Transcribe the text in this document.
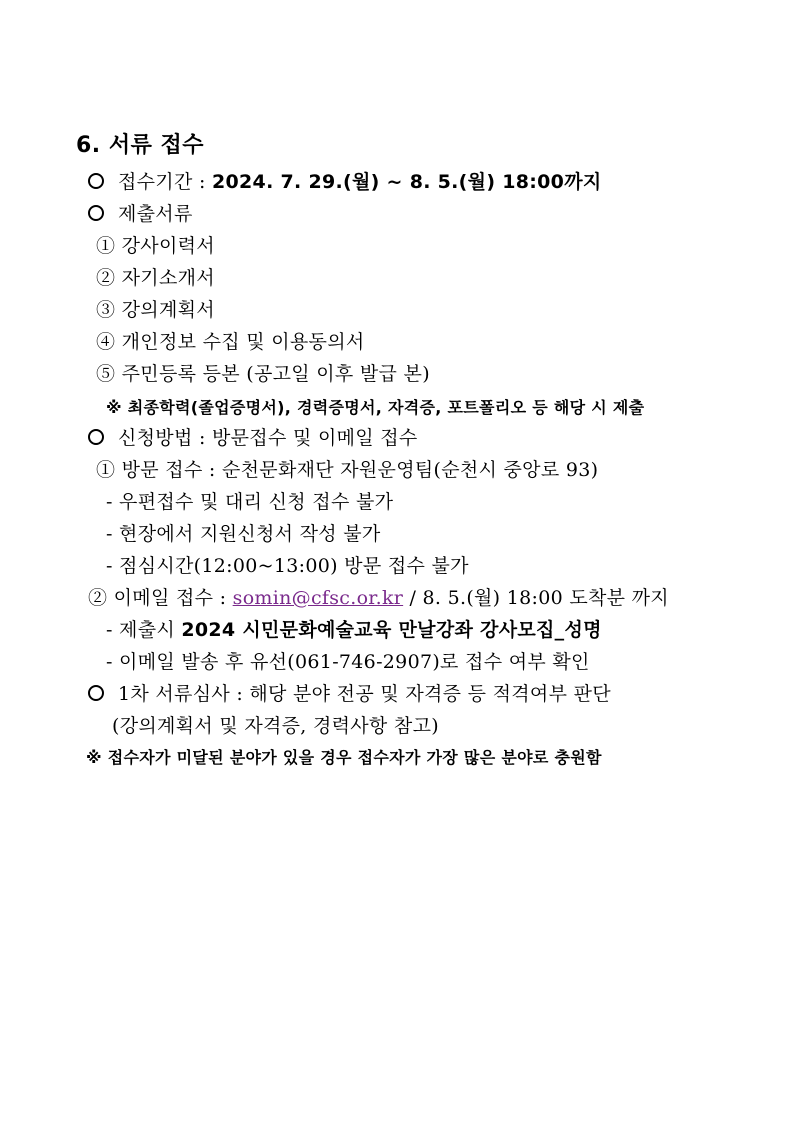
6. 서류 접수
접수기간 : 2024. 7. 29.(월) ~ 8. 5.(월) 18:00까지
제출서류
① 강사이력서
② 자기소개서
③ 강의계획서
④ 개인정보 수집 및 이용동의서
⑤ 주민등록 등본 (공고일 이후 발급 본)
※ 최종학력(졸업증명서), 경력증명서, 자격증, 포트폴리오 등 해당 시 제출
신청방법 : 방문접수 및 이메일 접수
① 방문 접수 : 순천문화재단 자원운영팀(순천시 중앙로 93)
- 우편접수 및 대리 신청 접수 불가
- 현장에서 지원신청서 작성 불가
- 점심시간(12:00~13:00) 방문 접수 불가
② 이메일 접수 : somin@cfsc.or.kr / 8. 5.(월) 18:00 도착분 까지
- 제출시 2024 시민문화예술교육 만날강좌 강사모집_성명
- 이메일 발송 후 유선(061-746-2907)로 접수 여부 확인
1차 서류심사 : 해당 분야 전공 및 자격증 등 적격여부 판단
(강의계획서 및 자격증, 경력사항 참고)
※ 접수자가 미달된 분야가 있을 경우 접수자가 가장 많은 분야로 충원함
